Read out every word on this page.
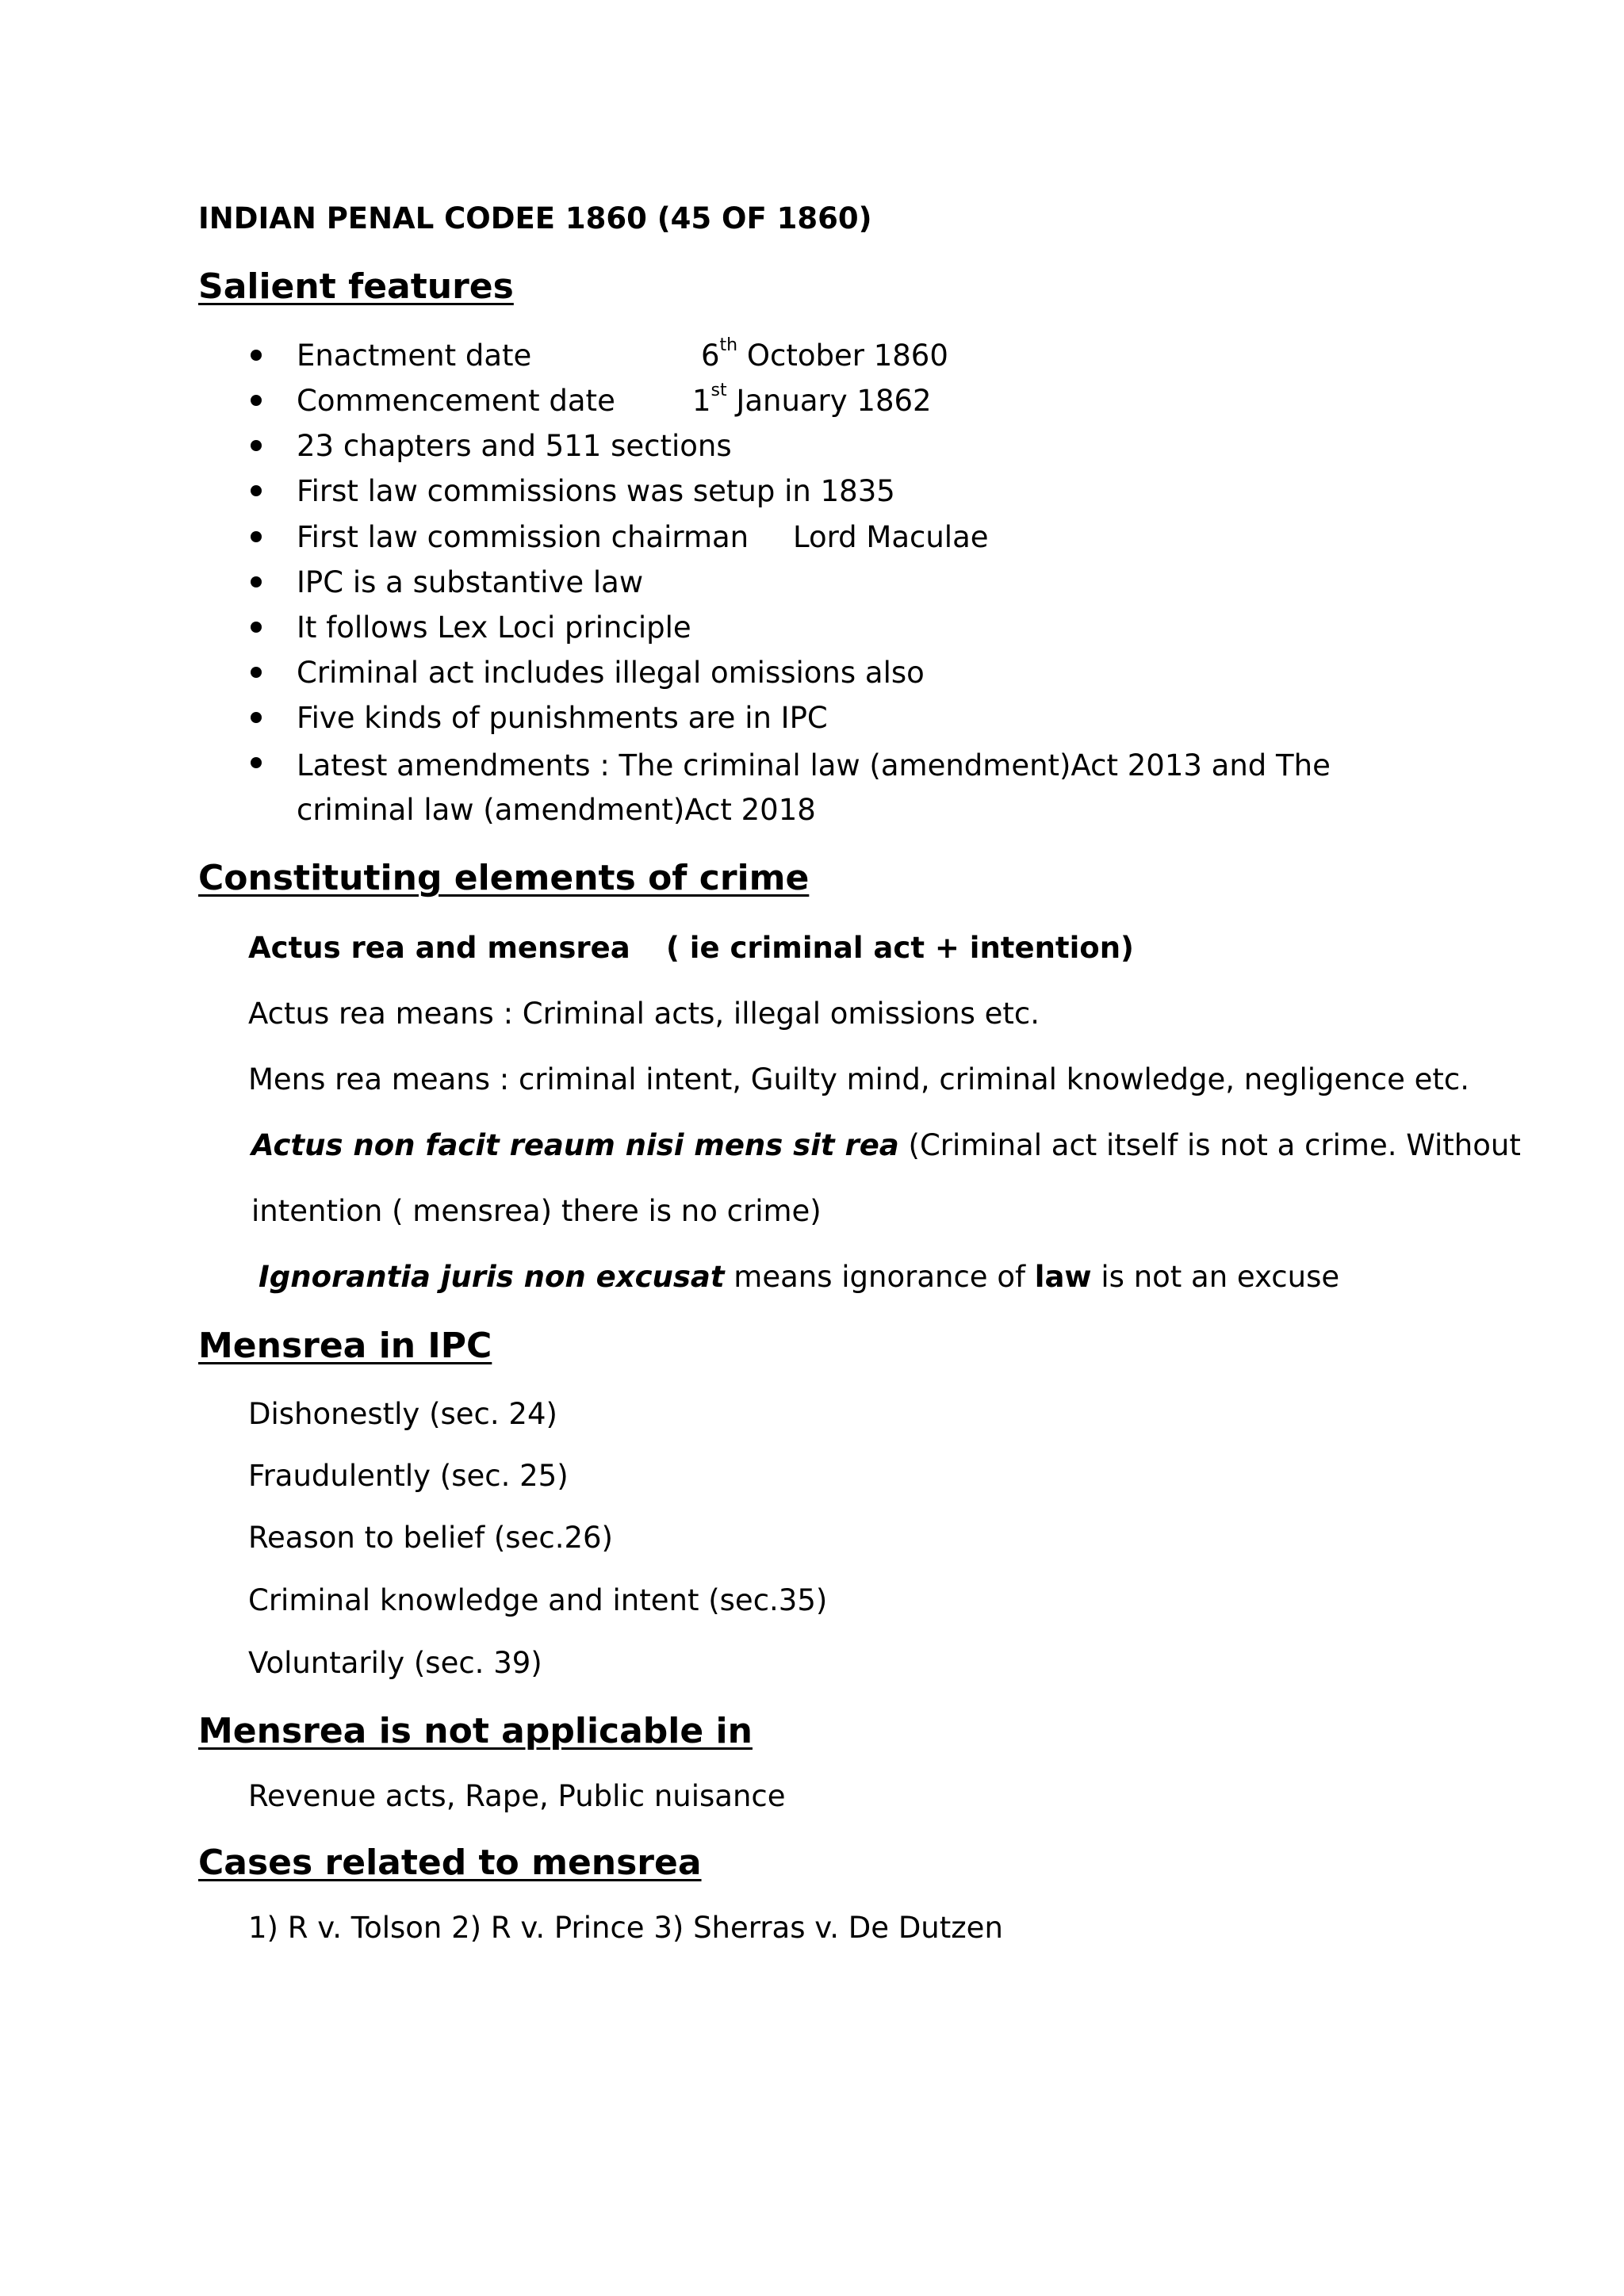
INDIAN PENAL CODEE 1860 (45 OF 1860)
Salient features
Enactment date	6th October 1860
Commencement date	1st January 1862
23 chapters and 511 sections
First law commissions was setup in 1835
First law commission chairman Lord Maculae
IPC is a substantive law
It follows Lex Loci principle
Criminal act includes illegal omissions also
Five kinds of punishments are in IPC
Latest amendments : The criminal law (amendment)Act 2013 and The criminal law (amendment)Act 2018
Constituting elements of crime
Actus rea and mensrea ( ie criminal act + intention)
Actus rea means : Criminal acts, illegal omissions etc.
Mens rea means : criminal intent, Guilty mind, criminal knowledge, negligence etc.
Actus non facit reaum nisi mens sit rea (Criminal act itself is not a crime. Without
intention ( mensrea) there is no crime)
Ignorantia juris non excusat means ignorance of law is not an excuse
Mensrea in IPC
Dishonestly (sec. 24)
Fraudulently (sec. 25)
Reason to belief (sec.26)
Criminal knowledge and intent (sec.35)
Voluntarily (sec. 39)
Mensrea is not applicable in
Revenue acts, Rape, Public nuisance
Cases related to mensrea
1) R v. Tolson 2) R v. Prince 3) Sherras v. De Dutzen
